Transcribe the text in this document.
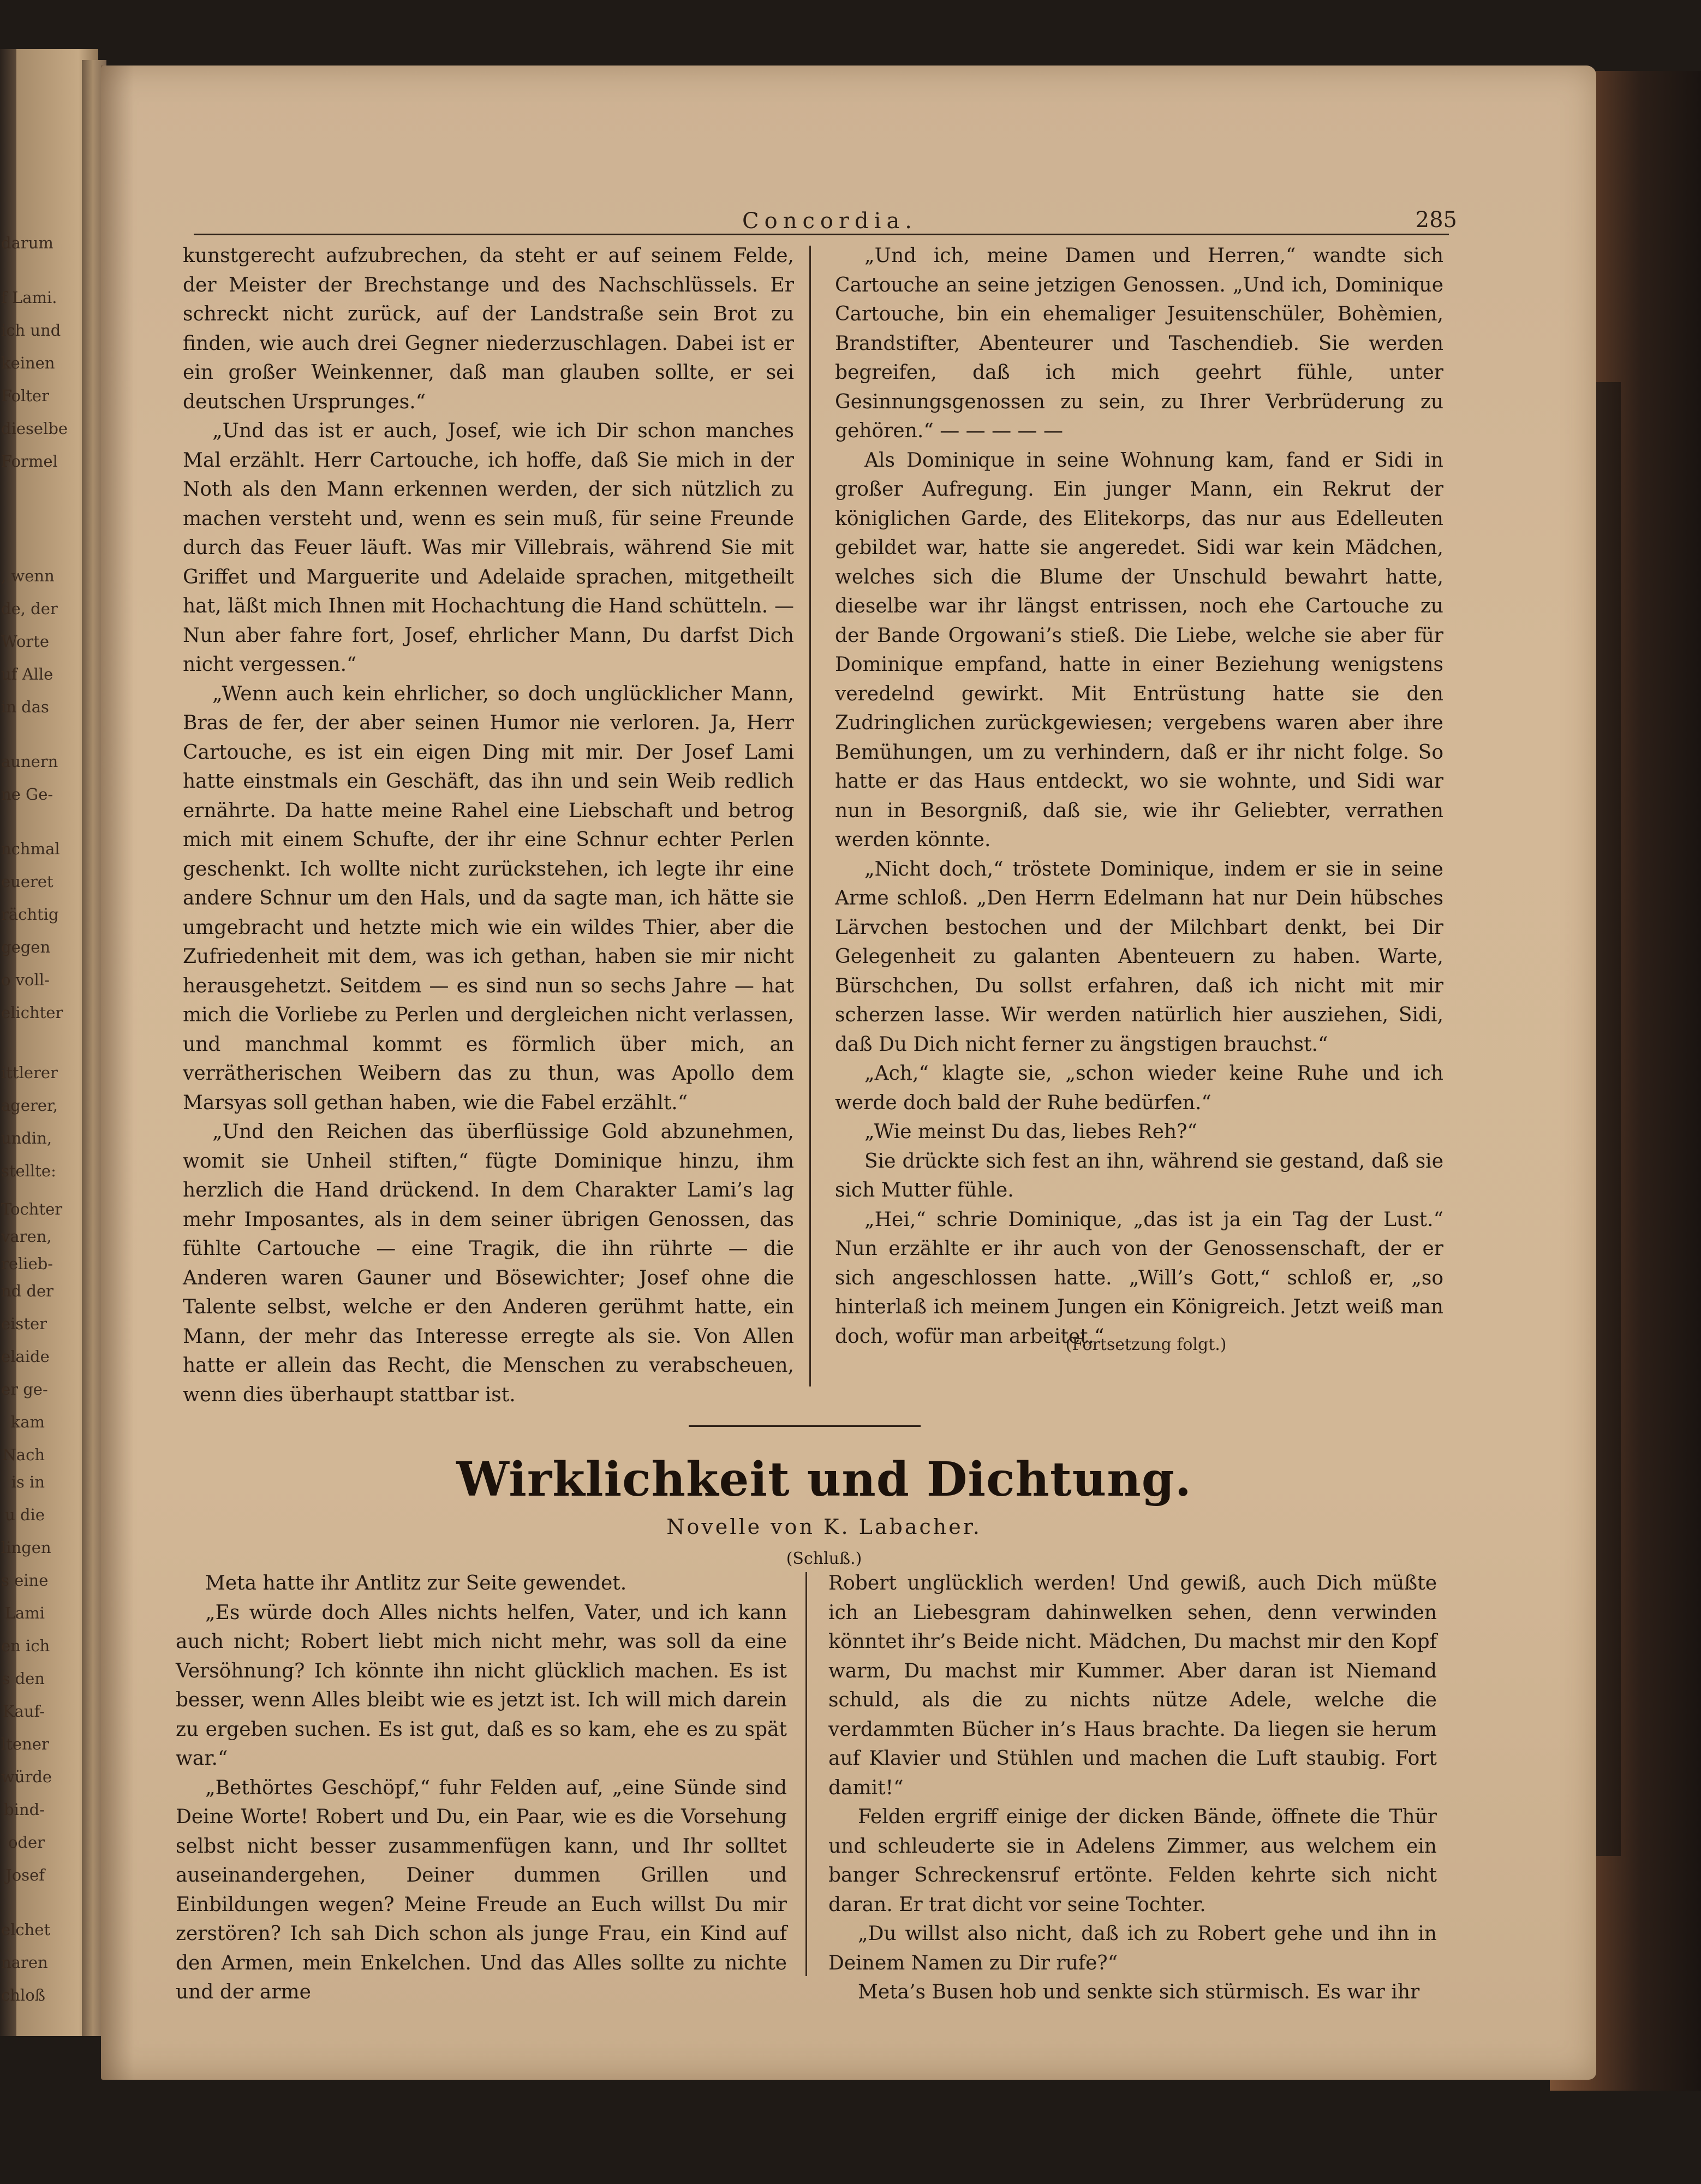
darum
f Lami.
ich und
keinen
Folter
dieselbe
Formel
, wenn
de, der
Worte
uf Alle
in das
aunern
ne Ge-
nchmal
eueret
rächtig
gegen
o voll-
elichter
ittlerer
agerer,
undin,
stellte:
Tochter
varen,
relieb-
nd der
eister
elaide
er ge-
kam
Nach
is in
u die
lingen
s eine
Lami
en ich
s den
Kauf-
ltener
würde
bind-
oder
Josef
elchet
naren
chloß
Concordia.	285

kunstgerecht aufzubrechen, da steht er auf seinem Felde, der Meister der Brechstange und des Nachschlüssels. Er schreckt nicht zurück, auf der Landstraße sein Brot zu finden, wie auch drei Gegner niederzuschlagen. Dabei ist er ein großer Weinkenner, daß man glauben sollte, er sei deutschen Ursprunges.“

„Und das ist er auch, Josef, wie ich Dir schon manches Mal erzählt. Herr Cartouche, ich hoffe, daß Sie mich in der Noth als den Mann erkennen werden, der sich nützlich zu machen versteht und, wenn es sein muß, für seine Freunde durch das Feuer läuft. Was mir Villebrais, während Sie mit Griffet und Marguerite und Adelaide sprachen, mitgetheilt hat, läßt mich Ihnen mit Hochachtung die Hand schütteln. — Nun aber fahre fort, Josef, ehrlicher Mann, Du darfst Dich nicht vergessen.“

„Wenn auch kein ehrlicher, so doch unglücklicher Mann, Bras de fer, der aber seinen Humor nie verloren. Ja, Herr Cartouche, es ist ein eigen Ding mit mir. Der Josef Lami hatte einstmals ein Geschäft, das ihn und sein Weib redlich ernährte. Da hatte meine Rahel eine Liebschaft und betrog mich mit einem Schufte, der ihr eine Schnur echter Perlen geschenkt. Ich wollte nicht zurückstehen, ich legte ihr eine andere Schnur um den Hals, und da sagte man, ich hätte sie umgebracht und hetzte mich wie ein wildes Thier, aber die Zufriedenheit mit dem, was ich gethan, haben sie mir nicht herausgehetzt. Seitdem — es sind nun so sechs Jahre — hat mich die Vorliebe zu Perlen und dergleichen nicht verlassen, und manchmal kommt es förmlich über mich, an verrätherischen Weibern das zu thun, was Apollo dem Marsyas soll gethan haben, wie die Fabel erzählt.“

„Und den Reichen das überflüssige Gold abzunehmen, womit sie Unheil stiften,“ fügte Dominique hinzu, ihm herzlich die Hand drückend. In dem Charakter Lami’s lag mehr Imposantes, als in dem seiner übrigen Genossen, das fühlte Cartouche — eine Tragik, die ihn rührte — die Anderen waren Gauner und Bösewichter; Josef ohne die Talente selbst, welche er den Anderen gerühmt hatte, ein Mann, der mehr das Interesse erregte als sie. Von Allen hatte er allein das Recht, die Menschen zu verabscheuen, wenn dies überhaupt stattbar ist.

„Und ich, meine Damen und Herren,“ wandte sich Cartouche an seine jetzigen Genossen. „Und ich, Dominique Cartouche, bin ein ehemaliger Jesuitenschüler, Bohèmien, Brandstifter, Abenteurer und Taschendieb. Sie werden begreifen, daß ich mich geehrt fühle, unter Gesinnungsgenossen zu sein, zu Ihrer Verbrüderung zu gehören.“ — — — — —

Als Dominique in seine Wohnung kam, fand er Sidi in großer Aufregung. Ein junger Mann, ein Rekrut der königlichen Garde, des Elitekorps, das nur aus Edelleuten gebildet war, hatte sie angeredet. Sidi war kein Mädchen, welches sich die Blume der Unschuld bewahrt hatte, dieselbe war ihr längst entrissen, noch ehe Cartouche zu der Bande Orgowani’s stieß. Die Liebe, welche sie aber für Dominique empfand, hatte in einer Beziehung wenigstens veredelnd gewirkt. Mit Entrüstung hatte sie den Zudringlichen zurückgewiesen; vergebens waren aber ihre Bemühungen, um zu verhindern, daß er ihr nicht folge. So hatte er das Haus entdeckt, wo sie wohnte, und Sidi war nun in Besorgniß, daß sie, wie ihr Geliebter, verrathen werden könnte.

„Nicht doch,“ tröstete Dominique, indem er sie in seine Arme schloß. „Den Herrn Edelmann hat nur Dein hübsches Lärvchen bestochen und der Milchbart denkt, bei Dir Gelegenheit zu galanten Abenteuern zu haben. Warte, Bürschchen, Du sollst erfahren, daß ich nicht mit mir scherzen lasse. Wir werden natürlich hier ausziehen, Sidi, daß Du Dich nicht ferner zu ängstigen brauchst.“

„Ach,“ klagte sie, „schon wieder keine Ruhe und ich werde doch bald der Ruhe bedürfen.“

„Wie meinst Du das, liebes Reh?“

Sie drückte sich fest an ihn, während sie gestand, daß sie sich Mutter fühle.

„Hei,“ schrie Dominique, „das ist ja ein Tag der Lust.“ Nun erzählte er ihr auch von der Genossenschaft, der er sich angeschlossen hatte. „Will’s Gott,“ schloß er, „so hinterlaß ich meinem Jungen ein Königreich. Jetzt weiß man doch, wofür man arbeitet.“

(Fortsetzung folgt.)
Wirklichkeit und Dichtung.
Novelle von K. Labacher.
(Schluß.)

Meta hatte ihr Antlitz zur Seite gewendet.

„Es würde doch Alles nichts helfen, Vater, und ich kann auch nicht; Robert liebt mich nicht mehr, was soll da eine Versöhnung? Ich könnte ihn nicht glücklich machen. Es ist besser, wenn Alles bleibt wie es jetzt ist. Ich will mich darein zu ergeben suchen. Es ist gut, daß es so kam, ehe es zu spät war.“

„Bethörtes Geschöpf,“ fuhr Felden auf, „eine Sünde sind Deine Worte! Robert und Du, ein Paar, wie es die Vorsehung selbst nicht besser zusammenfügen kann, und Ihr solltet auseinandergehen, Deiner dummen Grillen und Einbildungen wegen? Meine Freude an Euch willst Du mir zerstören? Ich sah Dich schon als junge Frau, ein Kind auf den Armen, mein Enkelchen. Und das Alles sollte zu nichte und der arme

Robert unglücklich werden! Und gewiß, auch Dich müßte ich an Liebesgram dahinwelken sehen, denn verwinden könntet ihr’s Beide nicht. Mädchen, Du machst mir den Kopf warm, Du machst mir Kummer. Aber daran ist Niemand schuld, als die zu nichts nütze Adele, welche die verdammten Bücher in’s Haus brachte. Da liegen sie herum auf Klavier und Stühlen und machen die Luft staubig. Fort damit!“

Felden ergriff einige der dicken Bände, öffnete die Thür und schleuderte sie in Adelens Zimmer, aus welchem ein banger Schreckensruf ertönte. Felden kehrte sich nicht daran. Er trat dicht vor seine Tochter.

„Du willst also nicht, daß ich zu Robert gehe und ihn in Deinem Namen zu Dir rufe?“

Meta’s Busen hob und senkte sich stürmisch. Es war ihr
